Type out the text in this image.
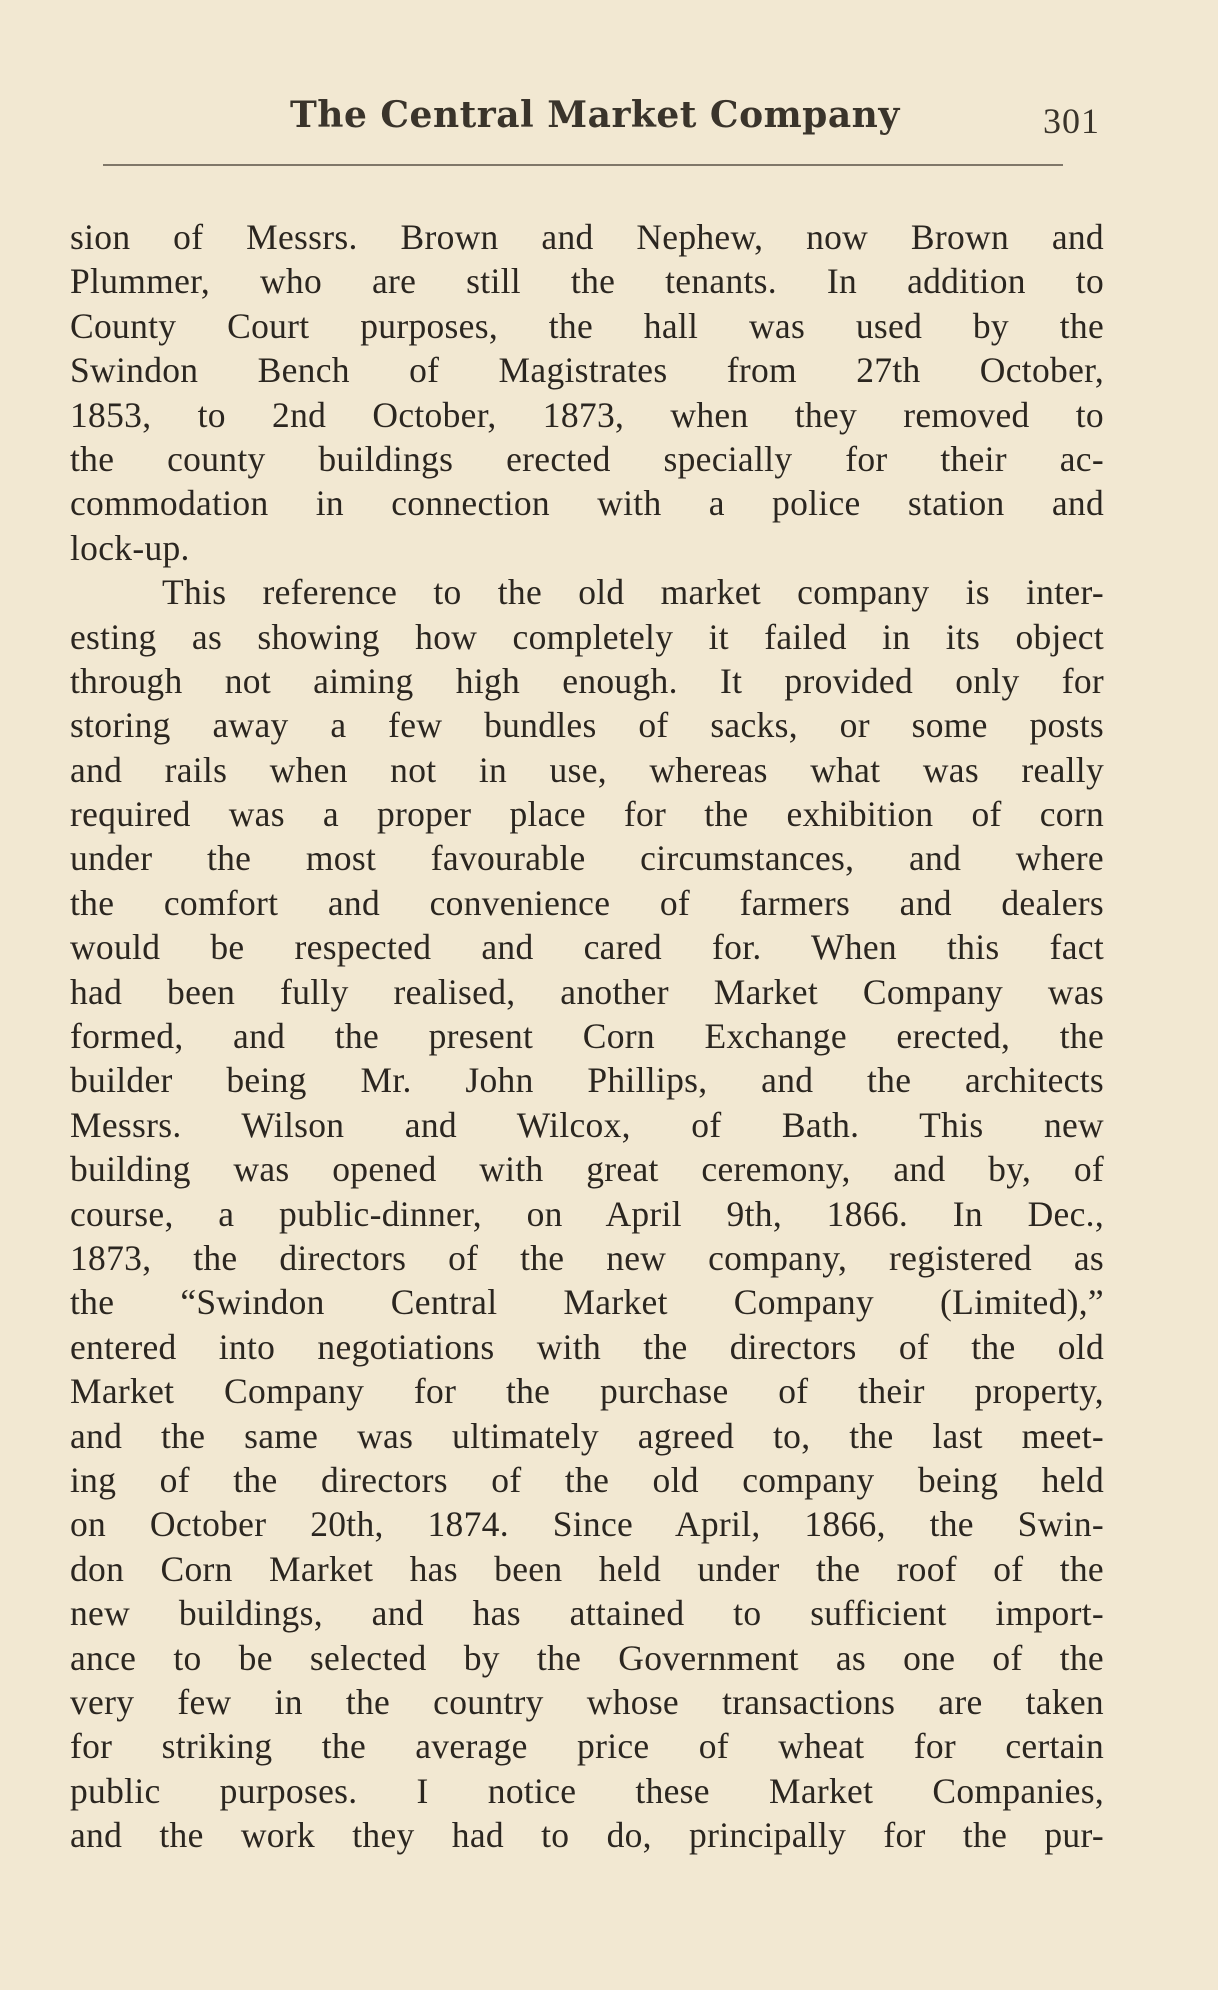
The Central Market Company	301
sion of Messrs. Brown and Nephew, now Brown and
Plummer, who are still the tenants. In addition to
County Court purposes, the hall was used by the
Swindon Bench of Magistrates from 27th October,
1853, to 2nd October, 1873, when they removed to
the county buildings erected specially for their ac-
commodation in connection with a police station and
lock-up.
This reference to the old market company is inter-
esting as showing how completely it failed in its object
through not aiming high enough. It provided only for
storing away a few bundles of sacks, or some posts
and rails when not in use, whereas what was really
required was a proper place for the exhibition of corn
under the most favourable circumstances, and where
the comfort and convenience of farmers and dealers
would be respected and cared for. When this fact
had been fully realised, another Market Company was
formed, and the present Corn Exchange erected, the
builder being Mr. John Phillips, and the architects
Messrs. Wilson and Wilcox, of Bath. This new
building was opened with great ceremony, and by, of
course, a public-dinner, on April 9th, 1866. In Dec.,
1873, the directors of the new company, registered as
the “Swindon Central Market Company (Limited),”
entered into negotiations with the directors of the old
Market Company for the purchase of their property,
and the same was ultimately agreed to, the last meet-
ing of the directors of the old company being held
on October 20th, 1874. Since April, 1866, the Swin-
don Corn Market has been held under the roof of the
new buildings, and has attained to sufficient import-
ance to be selected by the Government as one of the
very few in the country whose transactions are taken
for striking the average price of wheat for certain
public purposes. I notice these Market Companies,
and the work they had to do, principally for the pur-
